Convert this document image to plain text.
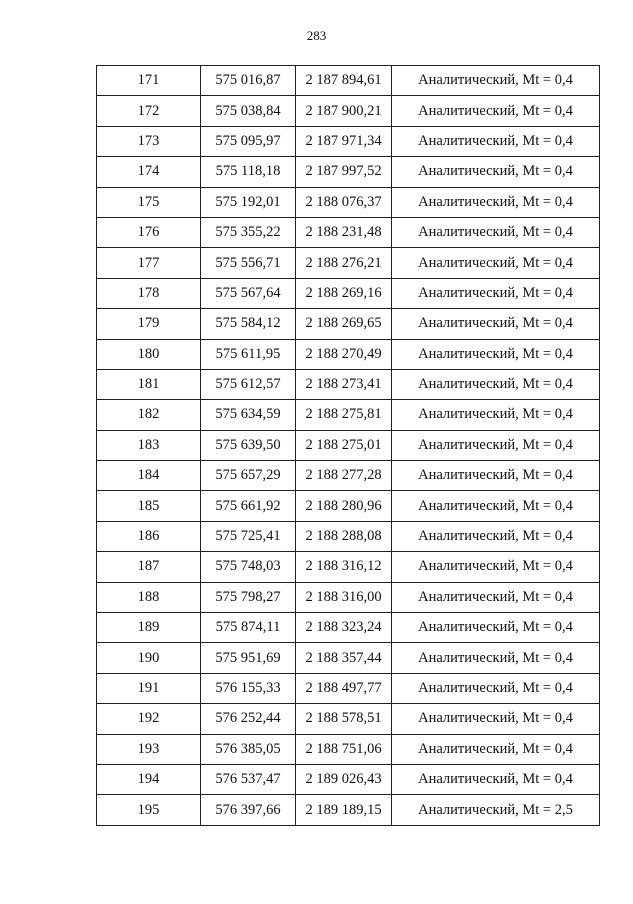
283
171	575 016,87	2 187 894,61	Аналитический, Mt = 0,4
172	575 038,84	2 187 900,21	Аналитический, Mt = 0,4
173	575 095,97	2 187 971,34	Аналитический, Mt = 0,4
174	575 118,18	2 187 997,52	Аналитический, Mt = 0,4
175	575 192,01	2 188 076,37	Аналитический, Mt = 0,4
176	575 355,22	2 188 231,48	Аналитический, Mt = 0,4
177	575 556,71	2 188 276,21	Аналитический, Mt = 0,4
178	575 567,64	2 188 269,16	Аналитический, Mt = 0,4
179	575 584,12	2 188 269,65	Аналитический, Mt = 0,4
180	575 611,95	2 188 270,49	Аналитический, Mt = 0,4
181	575 612,57	2 188 273,41	Аналитический, Mt = 0,4
182	575 634,59	2 188 275,81	Аналитический, Mt = 0,4
183	575 639,50	2 188 275,01	Аналитический, Mt = 0,4
184	575 657,29	2 188 277,28	Аналитический, Mt = 0,4
185	575 661,92	2 188 280,96	Аналитический, Mt = 0,4
186	575 725,41	2 188 288,08	Аналитический, Mt = 0,4
187	575 748,03	2 188 316,12	Аналитический, Mt = 0,4
188	575 798,27	2 188 316,00	Аналитический, Mt = 0,4
189	575 874,11	2 188 323,24	Аналитический, Mt = 0,4
190	575 951,69	2 188 357,44	Аналитический, Mt = 0,4
191	576 155,33	2 188 497,77	Аналитический, Mt = 0,4
192	576 252,44	2 188 578,51	Аналитический, Mt = 0,4
193	576 385,05	2 188 751,06	Аналитический, Mt = 0,4
194	576 537,47	2 189 026,43	Аналитический, Mt = 0,4
195	576 397,66	2 189 189,15	Аналитический, Mt = 2,5
